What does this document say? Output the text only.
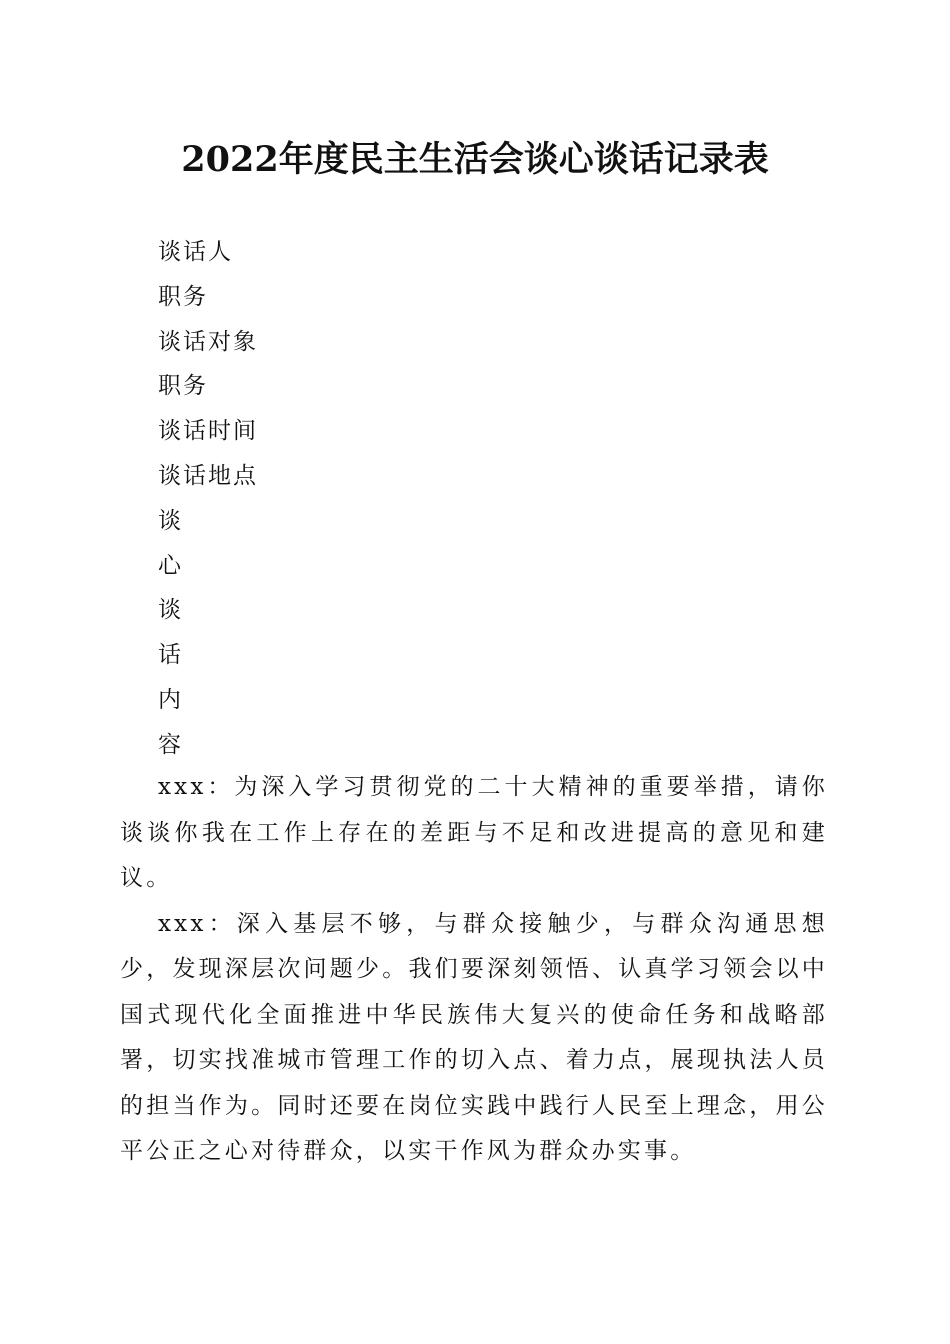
2022年度民主生活会谈心谈话记录表
谈话人
职务
谈话对象
职务
谈话时间
谈话地点
谈
心
谈
话
内
容

xxx：为深入学习贯彻党的二十大精神的重要举措，请你谈谈你我在工作上存在的差距与不足和改进提高的意见和建议。

xxx：深入基层不够，与群众接触少，与群众沟通思想少，发现深层次问题少。我们要深刻领悟、认真学习领会以中国式现代化全面推进中华民族伟大复兴的使命任务和战略部署，切实找准城市管理工作的切入点、着力点，展现执法人员的担当作为。同时还要在岗位实践中践行人民至上理念，用公平公正之心对待群众，以实干作风为群众办实事。
